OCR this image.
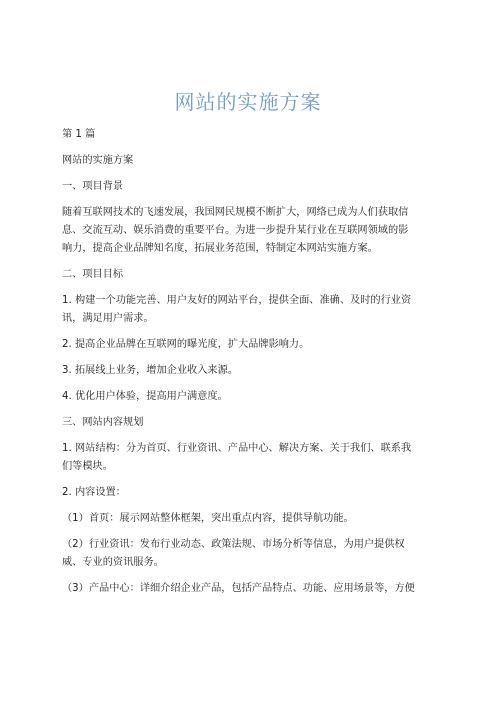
网站的实施方案

第 1 篇

网站的实施方案

一、项目背景

随着互联网技术的飞速发展，我国网民规模不断扩大，网络已成为人们获取信

息、交流互动、娱乐消费的重要平台。为进一步提升某行业在互联网领域的影

响力，提高企业品牌知名度，拓展业务范围，特制定本网站实施方案。

二、项目目标

1. 构建一个功能完善、用户友好的网站平台，提供全面、准确、及时的行业资

讯，满足用户需求。

2. 提高企业品牌在互联网的曝光度，扩大品牌影响力。

3. 拓展线上业务，增加企业收入来源。

4. 优化用户体验，提高用户满意度。

三、网站内容规划

1. 网站结构：分为首页、行业资讯、产品中心、解决方案、关于我们、联系我

们等模块。

2. 内容设置：

（1）首页：展示网站整体框架，突出重点内容，提供导航功能。

（2）行业资讯：发布行业动态、政策法规、市场分析等信息，为用户提供权

威、专业的资讯服务。

（3）产品中心：详细介绍企业产品，包括产品特点、功能、应用场景等，方便
